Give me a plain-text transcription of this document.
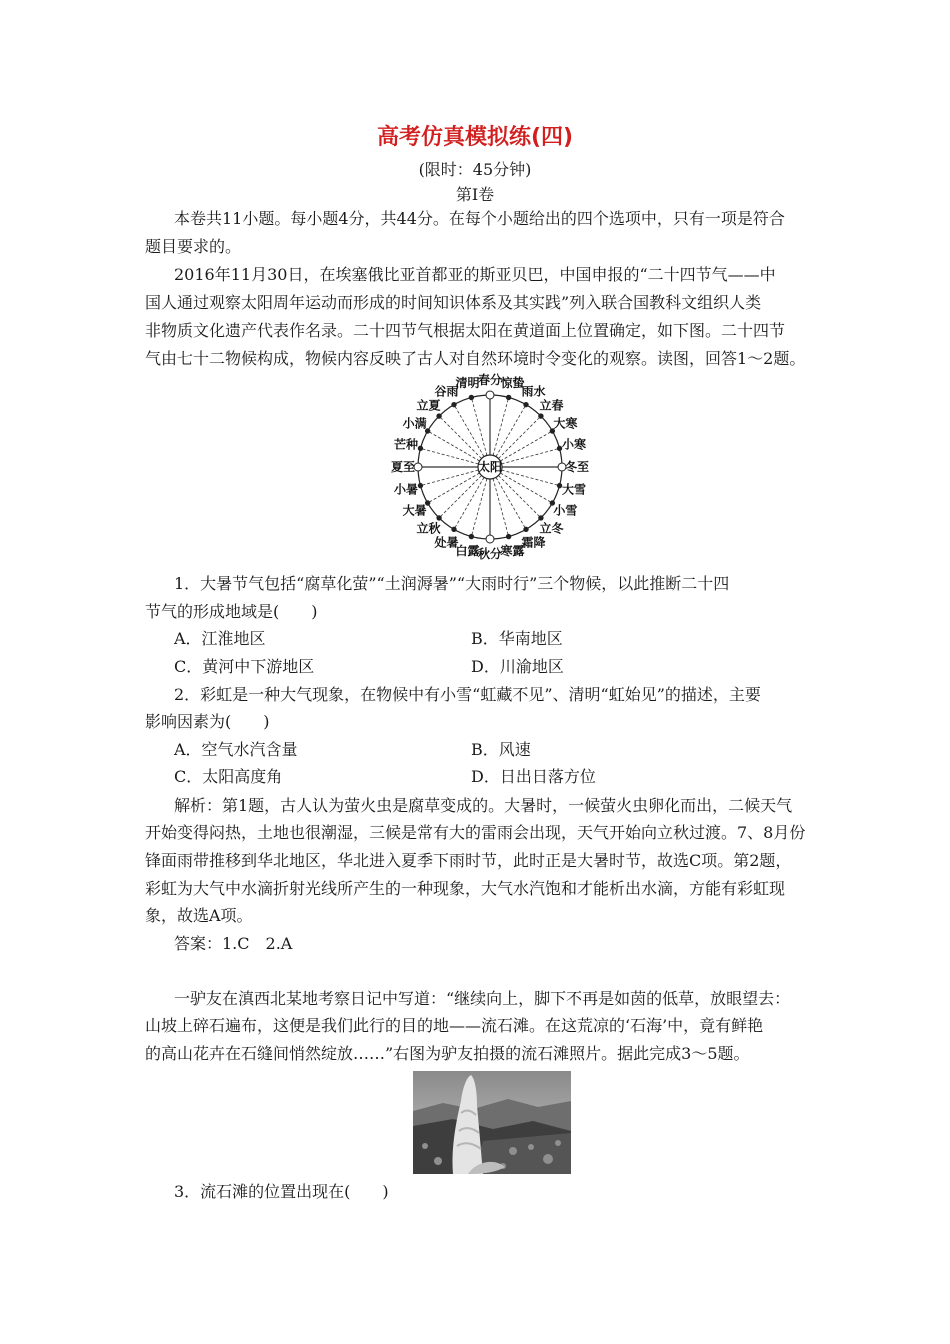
高考仿真模拟练(四)
(限时：45分钟)
第Ⅰ卷
本卷共11小题。每小题4分，共44分。在每个小题给出的四个选项中，只有一项是符合
题目要求的。
2016年11月30日，在埃塞俄比亚首都亚的斯亚贝巴，中国申报的“二十四节气——中
国人通过观察太阳周年运动而形成的时间知识体系及其实践”列入联合国教科文组织人类
非物质文化遗产代表作名录。二十四节气根据太阳在黄道面上位置确定，如下图。二十四节
气由七十二物候构成，物候内容反映了古人对自然环境时令变化的观察。读图，回答1～2题。
春分
惊蛰
雨水
立春
大寒
小寒
冬至
大雪
小雪
立冬
霜降
寒露
秋分
白露
处暑
立秋
大暑
小暑
夏至
芒种
小满
立夏
谷雨
清明
太阳
1．大暑节气包括“腐草化萤”“土润溽暑”“大雨时行”三个物候，以此推断二十四
节气的形成地域是(　　)
A．江淮地区	B．华南地区
C．黄河中下游地区	D．川渝地区
2．彩虹是一种大气现象，在物候中有小雪“虹藏不见”、清明“虹始见”的描述，主要
影响因素为(　　)
A．空气水汽含量	B．风速
C．太阳高度角	D．日出日落方位
解析：第1题，古人认为萤火虫是腐草变成的。大暑时，一候萤火虫卵化而出，二候天气
开始变得闷热，土地也很潮湿，三候是常有大的雷雨会出现，天气开始向立秋过渡。7、8月份
锋面雨带推移到华北地区，华北进入夏季下雨时节，此时正是大暑时节，故选C项。第2题，
彩虹为大气中水滴折射光线所产生的一种现象，大气水汽饱和才能析出水滴，方能有彩虹现
象，故选A项。
答案：1.C　2.A
一驴友在滇西北某地考察日记中写道：“继续向上，脚下不再是如茵的低草，放眼望去：
山坡上碎石遍布，这便是我们此行的目的地——流石滩。在这荒凉的‘石海’中，竟有鲜艳
的高山花卉在石缝间悄然绽放……”右图为驴友拍摄的流石滩照片。据此完成3～5题。
3．流石滩的位置出现在(　　)
